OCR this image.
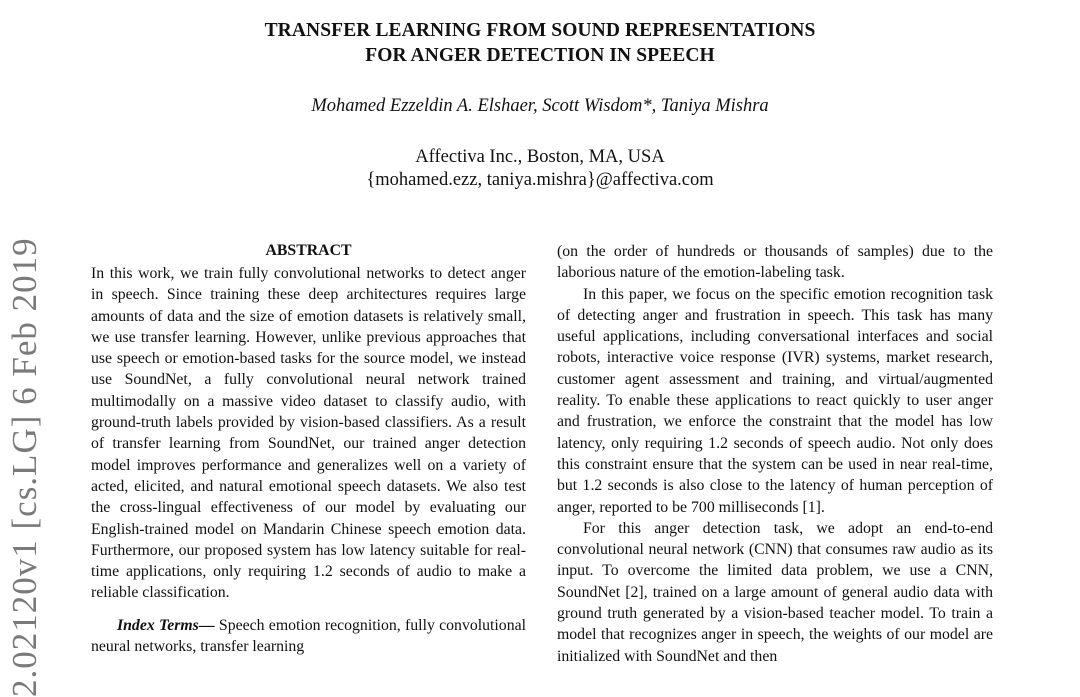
TRANSFER LEARNING FROM SOUND REPRESENTATIONS
FOR ANGER DETECTION IN SPEECH
Mohamed Ezzeldin A. Elshaer, Scott Wisdom*, Taniya Mishra
Affectiva Inc., Boston, MA, USA
{mohamed.ezz, taniya.mishra}@affectiva.com
2.02120v1 [cs.LG] 6 Feb 2019	ABSTRACT

In this work, we train fully convolutional networks to detect anger in speech. Since training these deep architectures requires large amounts of data and the size of emotion datasets is relatively small, we use transfer learning. However, unlike previous approaches that use speech or emotion-based tasks for the source model, we instead use SoundNet, a fully convolutional neural network trained multimodally on a massive video dataset to classify audio, with ground-truth labels provided by vision-based classifiers. As a result of transfer learning from SoundNet, our trained anger detection model improves performance and generalizes well on a variety of acted, elicited, and natural emotional speech datasets. We also test the cross-lingual effectiveness of our model by evaluating our English-trained model on Mandarin Chinese speech emotion data. Furthermore, our proposed system has low latency suitable for real-time applications, only requiring 1.2 seconds of audio to make a reliable classification.

Index Terms— Speech emotion recognition, fully convolutional neural networks, transfer learning

(on the order of hundreds or thousands of samples) due to the laborious nature of the emotion-labeling task.

In this paper, we focus on the specific emotion recognition task of detecting anger and frustration in speech. This task has many useful applications, including conversational interfaces and social robots, interactive voice response (IVR) systems, market research, customer agent assessment and training, and virtual/augmented reality. To enable these applications to react quickly to user anger and frustration, we enforce the constraint that the model has low latency, only requiring 1.2 seconds of speech audio. Not only does this constraint ensure that the system can be used in near real-time, but 1.2 seconds is also close to the latency of human perception of anger, reported to be 700 milliseconds [1].

For this anger detection task, we adopt an end-to-end convolutional neural network (CNN) that consumes raw audio as its input. To overcome the limited data problem, we use a CNN, SoundNet [2], trained on a large amount of general audio data with ground truth generated by a vision-based teacher model. To train a model that recognizes anger in speech, the weights of our model are initialized with SoundNet and then
